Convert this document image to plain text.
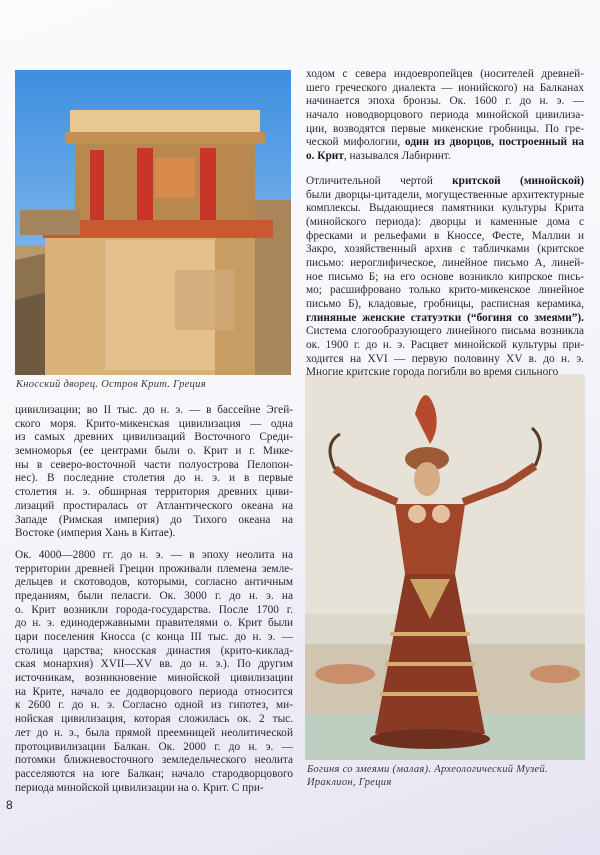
Кносский дворец. Остров Крит. Греция
Богиня со змеями (малая). Археологический Музей.
Ираклион, Греция
ходом с севера индоевропейцев (носителей древней-
шего греческого диалекта — ионийского) на Балканах
начинается эпоха бронзы. Ок. 1600 г. до н. э. —
начало новодворцового периода минойской цивилиза-
ции, возводятся первые микенские гробницы. По гре-
ческой мифологии, один из дворцов, построенный на
о. Крит, назывался Лабиринт.
Отличительной чертой критской (минойской)
были дворцы-цитадели, могущественные архитектурные
комплексы. Выдающиеся памятники культуры Крита
(минойского периода): дворцы и каменные дома с
фресками и рельефами в Кноссе, Фесте, Маллии и
Закро, хозяйственный архив с табличками (критское
письмо: иероглифическое, линейное письмо А, линей-
ное письмо Б; на его основе возникло кипрское пись-
мо; расшифровано только крито-микенское линейное
письмо Б), кладовые, гробницы, расписная керамика,
глиняные женские статуэтки (“богиня со змеями”).
Система слогообразующего линейного письма возникла
ок. 1900 г. до н. э. Расцвет минойской культуры при-
ходится на XVI — первую половину XV в. до н. э.
Многие критские города погибли во время сильного
цивилизации; во II тыс. до н. э. — в бассейне Эгей-
ского моря. Крито-микенская цивилизация — одна
из самых древних цивилизаций Восточного Среди-
земноморья (ее центрами были о. Крит и г. Мике-
ны в северо-восточной части полуострова Пелопон-
нес). В последние столетия до н. э. и в первые
столетия н. э. обширная территория древних циви-
лизаций простиралась от Атлантического океана на
Западе (Римская империя) до Тихого океана на
Востоке (империя Хань в Китае).
Ок. 4000—2800 гг. до н. э. — в эпоху неолита на
территории древней Греции проживали племена земле-
дельцев и скотоводов, которыми, согласно античным
преданиям, были пеласги. Ок. 3000 г. до н. э. на
о. Крит возникли города-государства. После 1700 г.
до н. э. единодержавными правителями о. Крит были
цари поселения Кносса (с конца III тыс. до н. э. —
столица царства; кносская династия (крито-киклад-
ская монархия) XVII—XV вв. до н. э.). По другим
источникам, возникновение минойской цивилизации
на Крите, начало ее додворцового периода относится
к 2600 г. до н. э. Согласно одной из гипотез, ми-
нойская цивилизация, которая сложилась ок. 2 тыс.
лет до н. э., была прямой преемницей неолитической
протоцивилизации Балкан. Ок. 2000 г. до н. э. —
потомки ближневосточного земледельческого неолита
расселяются на юге Балкан; начало стародворцового
периода минойской цивилизации на о. Крит. С при-
8
